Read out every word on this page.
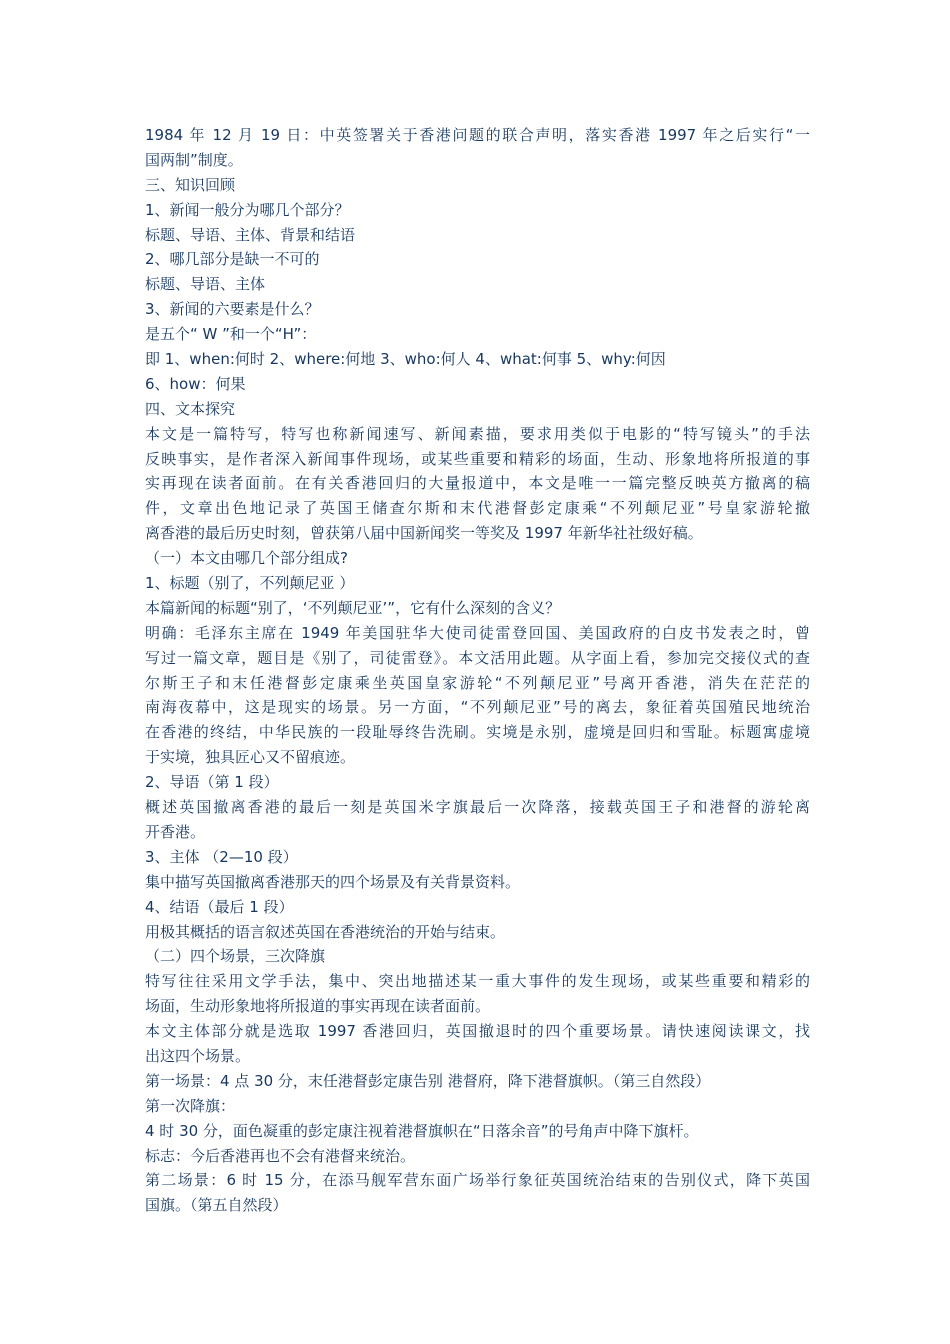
1984 年 12 月 19 日：中英签署关于香港问题的联合声明，落实香港 1997 年之后实行“一
国两制”制度。
三、知识回顾
1、新闻一般分为哪几个部分？
标题、导语、主体、背景和结语
2、哪几部分是缺一不可的
标题、导语、主体
3、新闻的六要素是什么？
是五个“ W ”和一个“H”：
即 1、when:何时 2、where:何地 3、who:何人 4、what:何事 5、why:何因
6、how：何果
四、文本探究
本文是一篇特写，特写也称新闻速写、新闻素描，要求用类似于电影的“特写镜头”的手法
反映事实，是作者深入新闻事件现场，或某些重要和精彩的场面，生动、形象地将所报道的事
实再现在读者面前。在有关香港回归的大量报道中，本文是唯一一篇完整反映英方撤离的稿
件，文章出色地记录了英国王储查尔斯和末代港督彭定康乘“不列颠尼亚”号皇家游轮撤
离香港的最后历史时刻，曾获第八届中国新闻奖一等奖及 1997 年新华社社级好稿。
（一）本文由哪几个部分组成?
1、标题（别了，不列颠尼亚 ）
本篇新闻的标题“别了，‘不列颠尼亚’”，它有什么深刻的含义？
明确：毛泽东主席在 1949 年美国驻华大使司徒雷登回国、美国政府的白皮书发表之时，曾
写过一篇文章，题目是《别了，司徒雷登》。本文活用此题。从字面上看，参加完交接仪式的查
尔斯王子和末任港督彭定康乘坐英国皇家游轮“不列颠尼亚”号离开香港，消失在茫茫的
南海夜幕中，这是现实的场景。另一方面，“不列颠尼亚”号的离去，象征着英国殖民地统治
在香港的终结，中华民族的一段耻辱终告洗刷。实境是永别，虚境是回归和雪耻。标题寓虚境
于实境，独具匠心又不留痕迹。
2、导语（第 1 段）
概述英国撤离香港的最后一刻是英国米字旗最后一次降落，接载英国王子和港督的游轮离
开香港。
3、主体 （2—10 段）
集中描写英国撤离香港那天的四个场景及有关背景资料。
4、结语（最后 1 段）
用极其概括的语言叙述英国在香港统治的开始与结束。
（二）四个场景，三次降旗
特写往往采用文学手法，集中、突出地描述某一重大事件的发生现场，或某些重要和精彩的
场面，生动形象地将所报道的事实再现在读者面前。
本文主体部分就是选取 1997 香港回归，英国撤退时的四个重要场景。请快速阅读课文，找
出这四个场景。
第一场景：4 点 30 分，末任港督彭定康告别 港督府，降下港督旗帜。（第三自然段）
第一次降旗：
4 时 30 分，面色凝重的彭定康注视着港督旗帜在“日落余音”的号角声中降下旗杆。
标志：今后香港再也不会有港督来统治。
第二场景：6 时 15 分，在添马舰军营东面广场举行象征英国统治结束的告别仪式，降下英国
国旗。（第五自然段）
